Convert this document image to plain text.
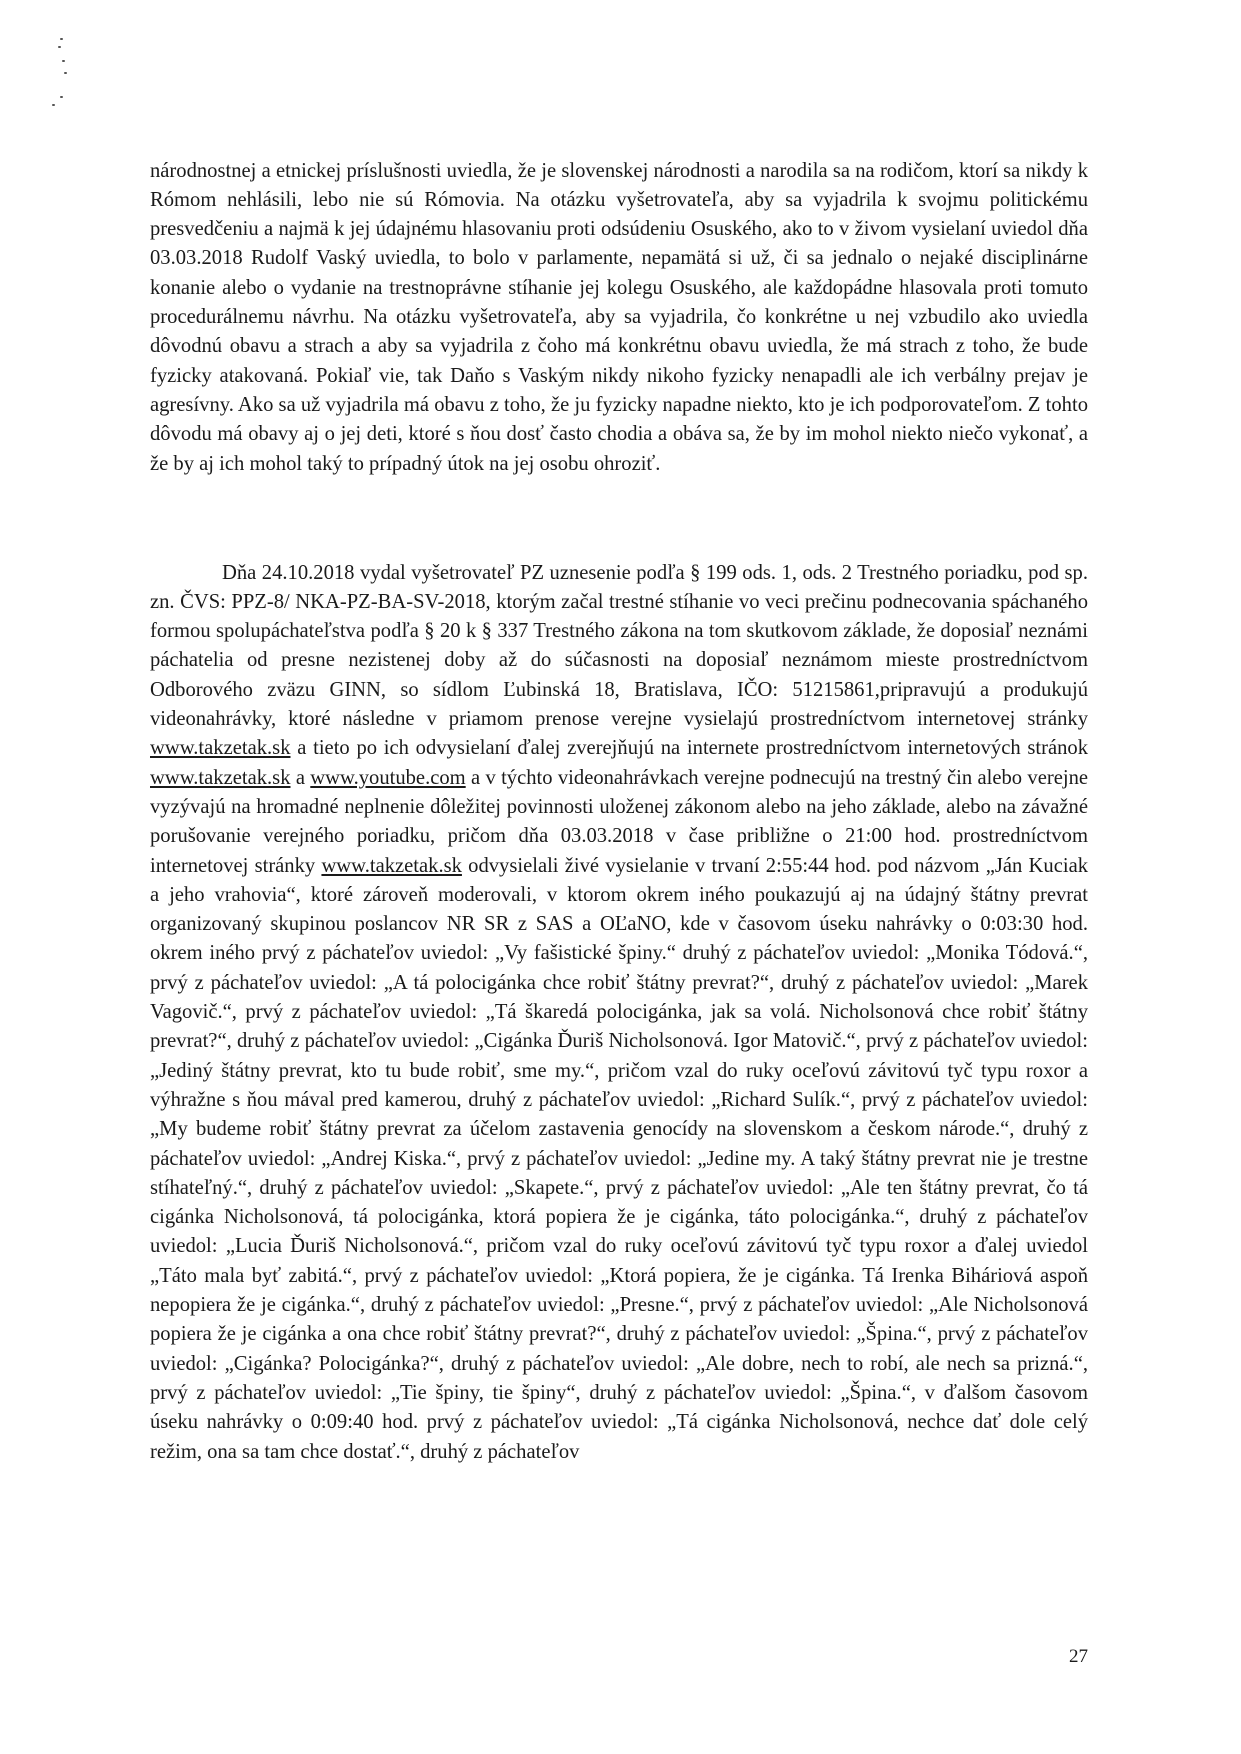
národnostnej a etnickej príslušnosti uviedla, že je slovenskej národnosti a narodila sa na rodičom, ktorí sa nikdy k Rómom nehlásili, lebo nie sú Rómovia. Na otázku vyšetrovateľa, aby sa vyjadrila k svojmu politickému presvedčeniu a najmä k jej údajnému hlasovaniu proti odsúdeniu Osuského, ako to v živom vysielaní uviedol dňa 03.03.2018 Rudolf Vaský uviedla, to bolo v parlamente, nepamätá si už, či sa jednalo o nejaké disciplinárne konanie alebo o vydanie na trestnoprávne stíhanie jej kolegu Osuského, ale každopádne hlasovala proti tomuto procedurálnemu návrhu. Na otázku vyšetrovateľa, aby sa vyjadrila, čo konkrétne u nej vzbudilo ako uviedla dôvodnú obavu a strach a aby sa vyjadrila z čoho má konkrétnu obavu uviedla, že má strach z toho, že bude fyzicky atakovaná. Pokiaľ vie, tak Daňo s Vaským nikdy nikoho fyzicky nenapadli ale ich verbálny prejav je agresívny. Ako sa už vyjadrila má obavu z toho, že ju fyzicky napadne niekto, kto je ich podporovateľom. Z tohto dôvodu má obavy aj o jej deti, ktoré s ňou dosť často chodia a obáva sa, že by im mohol niekto niečo vykonať, a že by aj ich mohol taký to prípadný útok na jej osobu ohroziť.

Dňa 24.10.2018 vydal vyšetrovateľ PZ uznesenie podľa § 199 ods. 1, ods. 2 Trestného poriadku, pod sp. zn. ČVS: PPZ-8/ NKA-PZ-BA-SV-2018, ktorým začal trestné stíhanie vo veci prečinu podnecovania spáchaného formou spolupáchateľstva podľa § 20 k § 337 Trestného zákona na tom skutkovom základe, že doposiaľ neznámi páchatelia od presne nezistenej doby až do súčasnosti na doposiaľ neznámom mieste prostredníctvom Odborového zväzu GINN, so sídlom Ľubinská 18, Bratislava, IČO: 51215861,pripravujú a produkujú videonahrávky, ktoré následne v priamom prenose verejne vysielajú prostredníctvom internetovej stránky www.takzetak.sk a tieto po ich odvysielaní ďalej zverejňujú na internete prostredníctvom internetových stránok www.takzetak.sk a www.youtube.com a v týchto videonahrávkach verejne podnecujú na trestný čin alebo verejne vyzývajú na hromadné neplnenie dôležitej povinnosti uloženej zákonom alebo na jeho základe, alebo na závažné porušovanie verejného poriadku, pričom dňa 03.03.2018 v čase približne o 21:00 hod. prostredníctvom internetovej stránky www.takzetak.sk odvysielali živé vysielanie v trvaní 2:55:44 hod. pod názvom „Ján Kuciak a jeho vrahovia“, ktoré zároveň moderovali, v ktorom okrem iného poukazujú aj na údajný štátny prevrat organizovaný skupinou poslancov NR SR z SAS a OĽaNO, kde v časovom úseku nahrávky o 0:03:30 hod. okrem iného prvý z páchateľov uviedol: „Vy fašistické špiny.“ druhý z páchateľov uviedol: „Monika Tódová.“, prvý z páchateľov uviedol: „A tá polocigánka chce robiť štátny prevrat?“, druhý z páchateľov uviedol: „Marek Vagovič.“, prvý z páchateľov uviedol: „Tá škaredá polocigánka, jak sa volá. Nicholsonová chce robiť štátny prevrat?“, druhý z páchateľov uviedol: „Cigánka Ďuriš Nicholsonová. Igor Matovič.“, prvý z páchateľov uviedol: „Jediný štátny prevrat, kto tu bude robiť, sme my.“, pričom vzal do ruky oceľovú závitovú tyč typu roxor a výhražne s ňou mával pred kamerou, druhý z páchateľov uviedol: „Richard Sulík.“, prvý z páchateľov uviedol: „My budeme robiť štátny prevrat za účelom zastavenia genocídy na slovenskom a českom národe.“, druhý z páchateľov uviedol: „Andrej Kiska.“, prvý z páchateľov uviedol: „Jedine my. A taký štátny prevrat nie je trestne stíhateľný.“, druhý z páchateľov uviedol: „Skapete.“, prvý z páchateľov uviedol: „Ale ten štátny prevrat, čo tá cigánka Nicholsonová, tá polocigánka, ktorá popiera že je cigánka, táto polocigánka.“, druhý z páchateľov uviedol: „Lucia Ďuriš Nicholsonová.“, pričom vzal do ruky oceľovú závitovú tyč typu roxor a ďalej uviedol „Táto mala byť zabitá.“, prvý z páchateľov uviedol: „Ktorá popiera, že je cigánka. Tá Irenka Biháriová aspoň nepopiera že je cigánka.“, druhý z páchateľov uviedol: „Presne.“, prvý z páchateľov uviedol: „Ale Nicholsonová popiera že je cigánka a ona chce robiť štátny prevrat?“, druhý z páchateľov uviedol: „Špina.“, prvý z páchateľov uviedol: „Cigánka? Polocigánka?“, druhý z páchateľov uviedol: „Ale dobre, nech to robí, ale nech sa prizná.“, prvý z páchateľov uviedol: „Tie špiny, tie špiny“, druhý z páchateľov uviedol: „Špina.“, v ďalšom časovom úseku nahrávky o 0:09:40 hod. prvý z páchateľov uviedol: „Tá cigánka Nicholsonová, nechce dať dole celý režim, ona sa tam chce dostať.“, druhý z páchateľov

27
